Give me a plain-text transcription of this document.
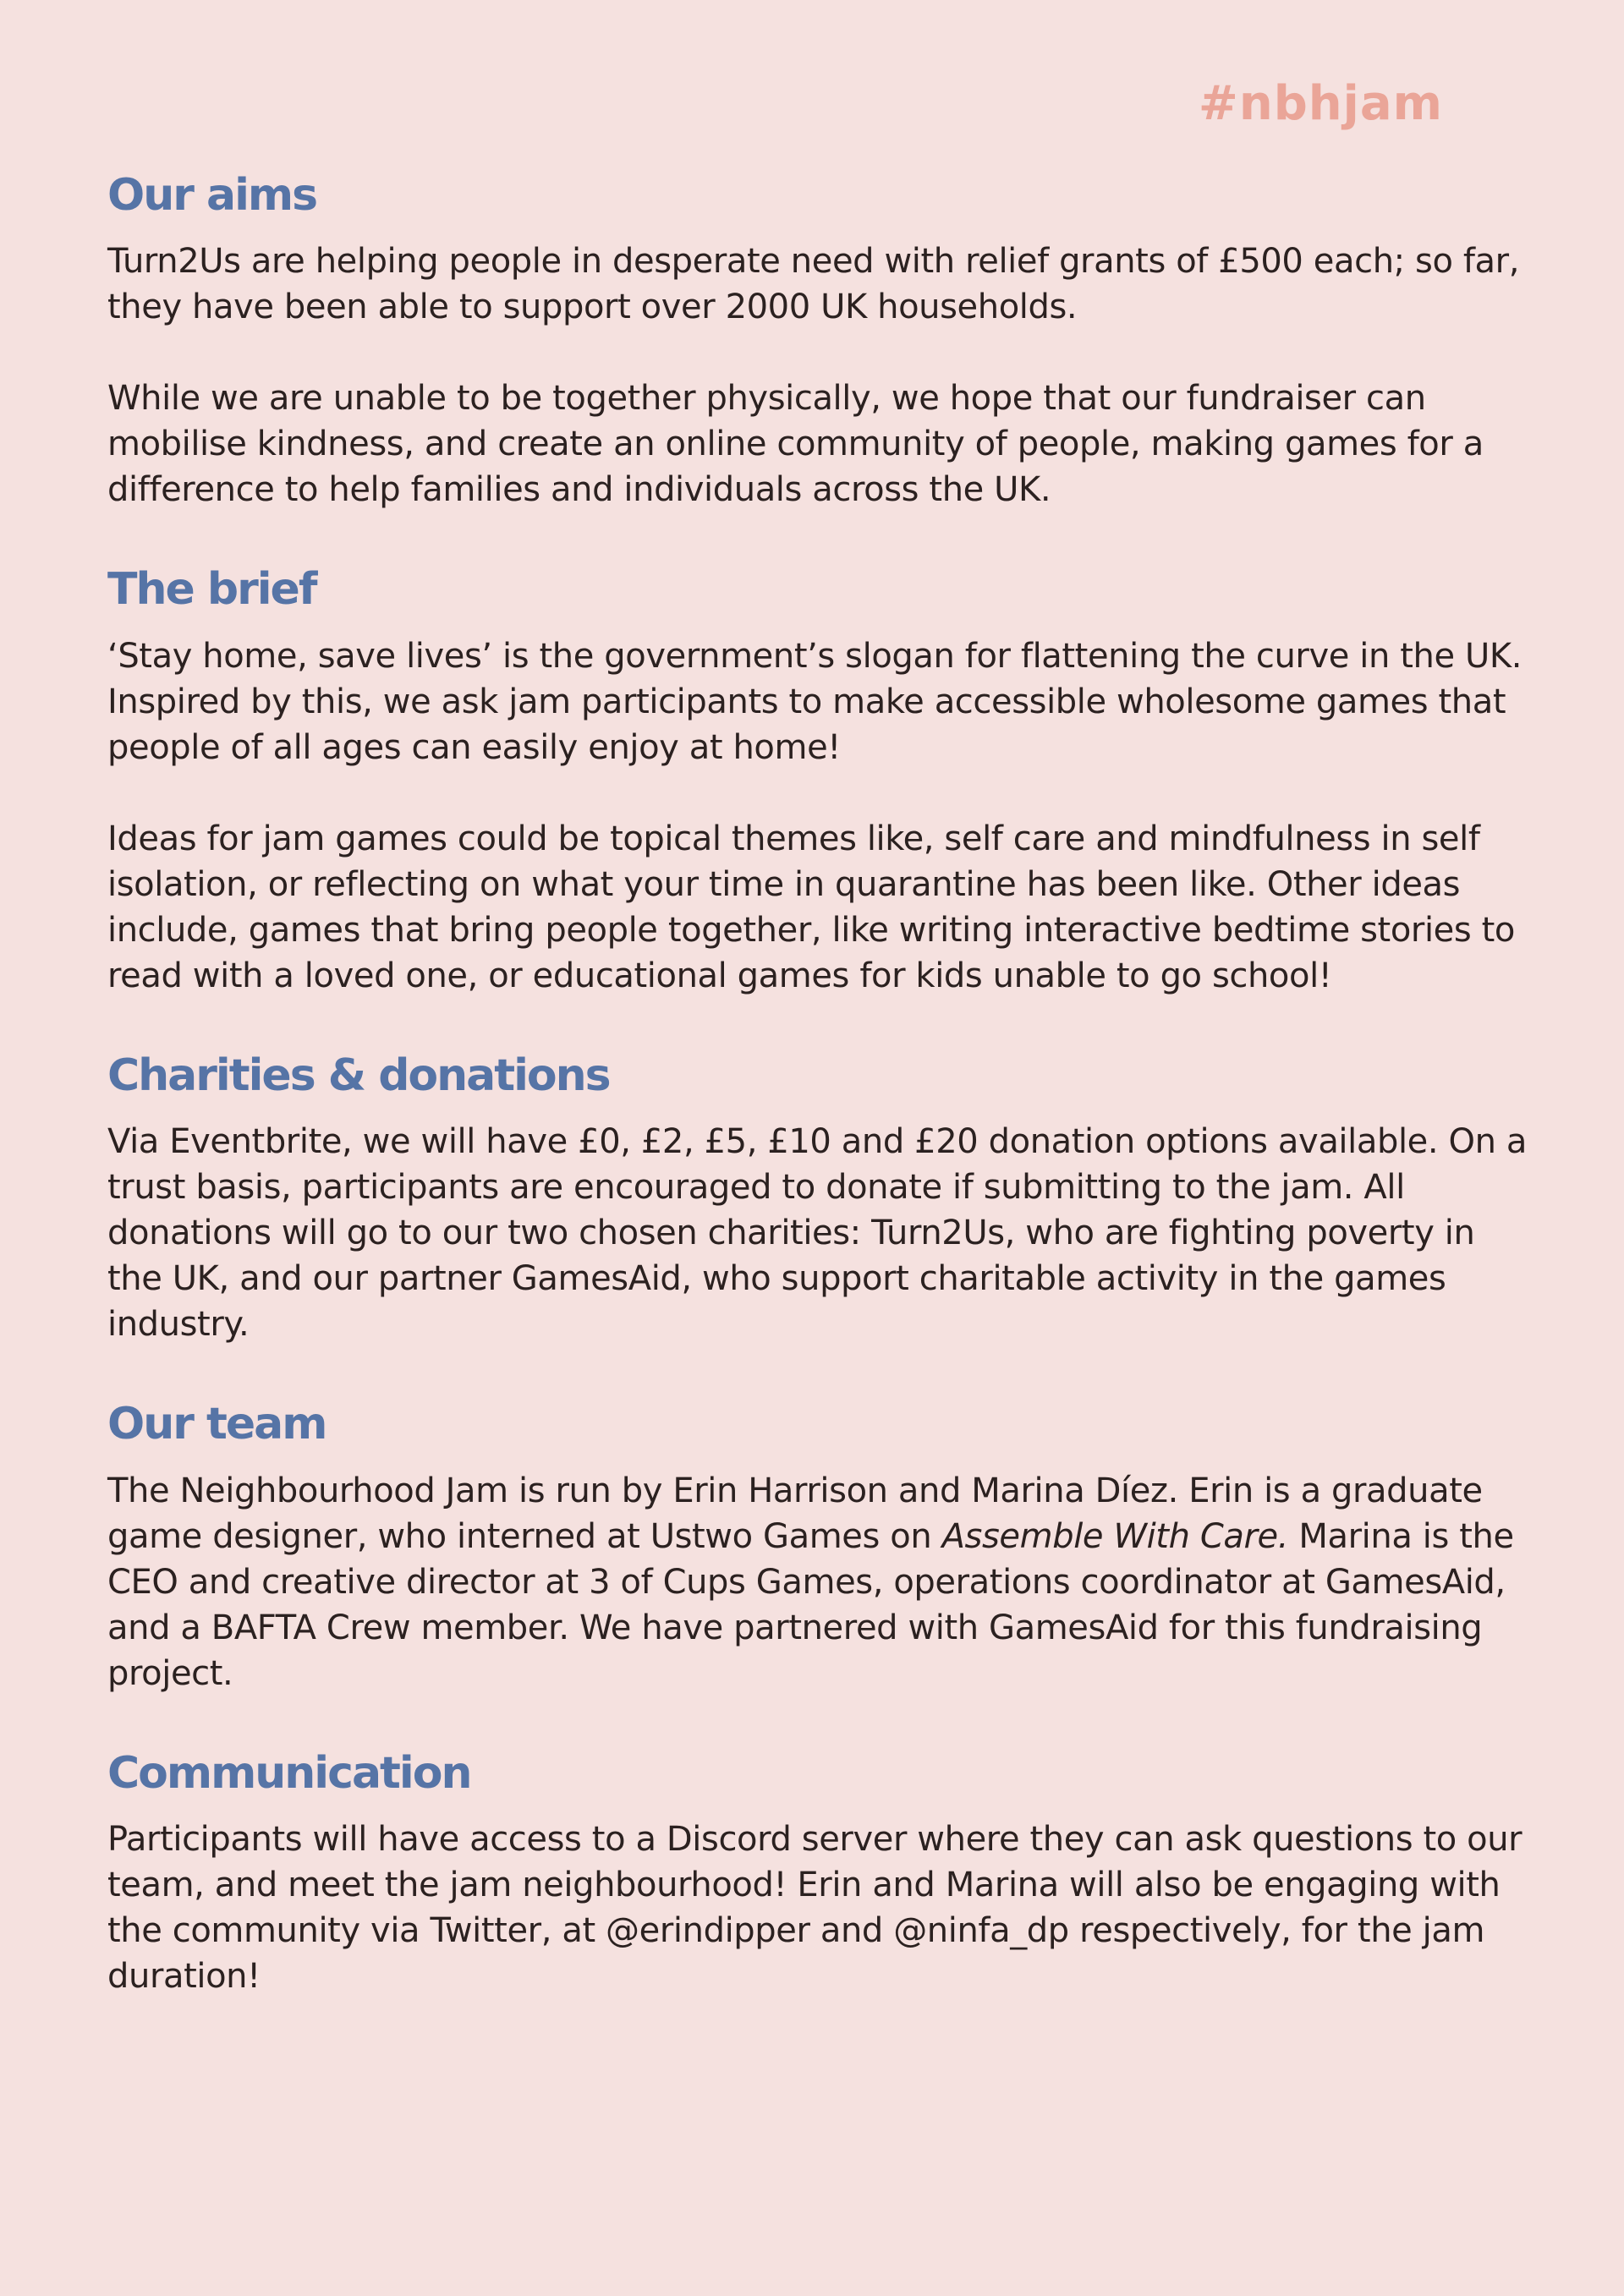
#nbhjam
Our aims

Turn2Us are helping people in desperate need with relief grants of £500 each; so far, they have been able to support over 2000 UK households.

While we are unable to be together physically, we hope that our fundraiser can mobilise kindness, and create an online community of people, making games for a difference to help families and individuals across the UK.

The brief

‘Stay home, save lives’ is the government’s slogan for flattening the curve in the UK. Inspired by this, we ask jam participants to make accessible wholesome games that people of all ages can easily enjoy at home!

Ideas for jam games could be topical themes like, self care and mindfulness in self isolation, or reflecting on what your time in quarantine has been like. Other ideas include, games that bring people together, like writing interactive bedtime stories to read with a loved one, or educational games for kids unable to go school!

Charities & donations

Via Eventbrite, we will have £0, £2, £5, £10 and £20 donation options available. On a trust basis, participants are encouraged to donate if submitting to the jam. All donations will go to our two chosen charities: Turn2Us, who are fighting poverty in the UK, and our partner GamesAid, who support charitable activity in the games industry.

Our team

The Neighbourhood Jam is run by Erin Harrison and Marina Díez. Erin is a graduate game designer, who interned at Ustwo Games on Assemble With Care. Marina is the CEO and creative director at 3 of Cups Games, operations coordinator at GamesAid, and a BAFTA Crew member. We have partnered with GamesAid for this fundraising project.

Communication

Participants will have access to a Discord server where they can ask questions to our team, and meet the jam neighbourhood! Erin and Marina will also be engaging with the community via Twitter, at @erindipper and @ninfa_dp respectively, for the jam duration!
